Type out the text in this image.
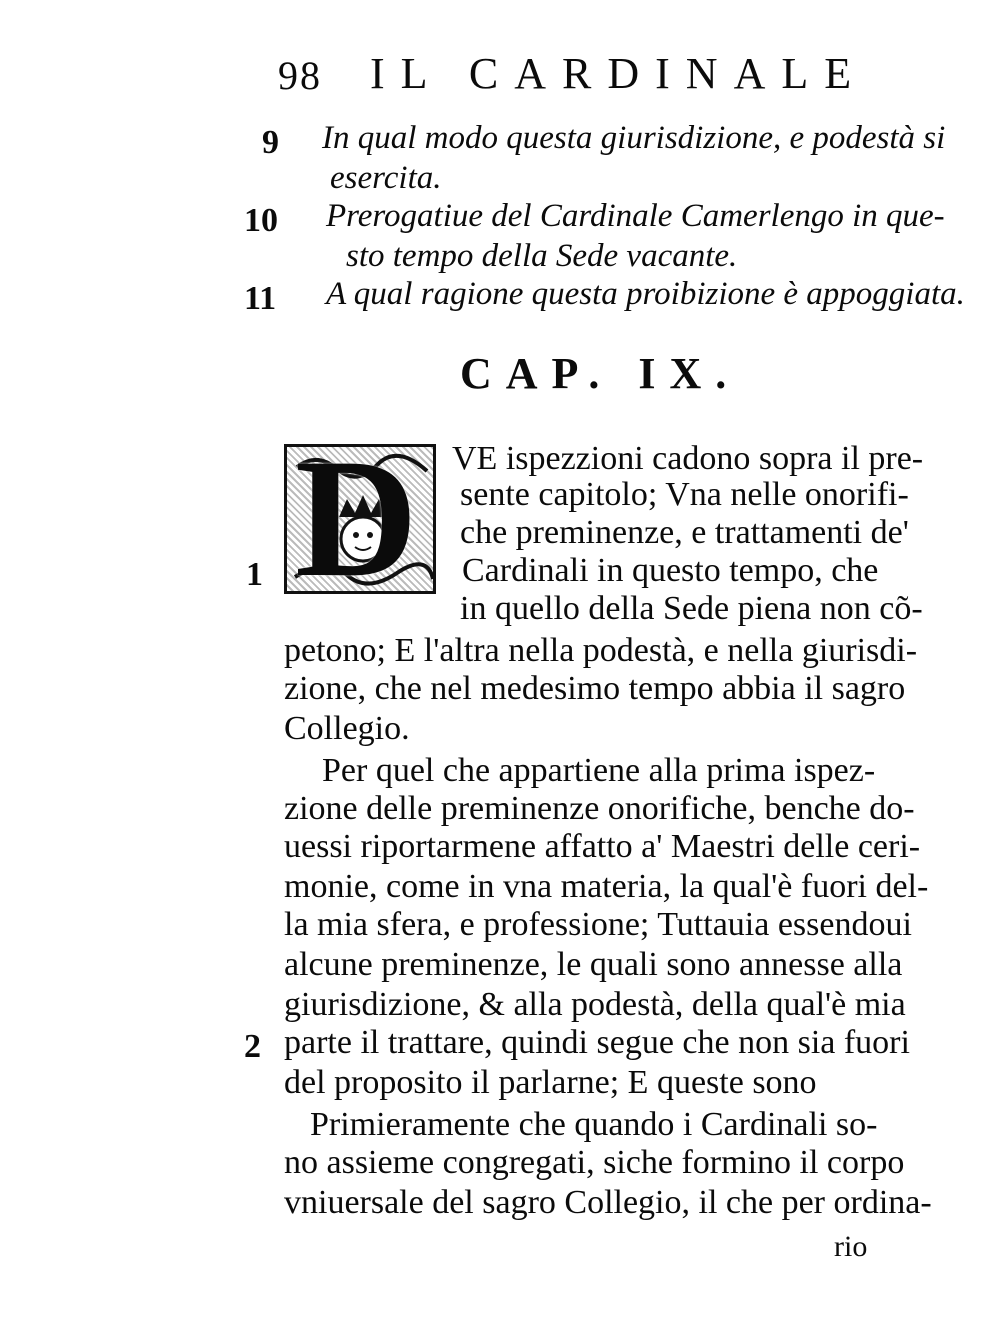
98 IL CARDINALE
9 In qual modo questa giurisdizione, e podestà si
esercita.
10 Prerogatiue del Cardinale Camerlengo in que-
sto tempo della Sede vacante.
11 A qual ragione questa proibizione è appoggiata.
CAP. IX.
D VE ispezzioni cadono sopra il pre-
sente capitolo; Vna nelle onorifi-
che preminenze, e trattamenti de'
Cardinali in questo tempo, che
in quello della Sede piena non cõ-
petono; E l'altra nella podestà, e nella giurisdi-
zione, che nel medesimo tempo abbia il sagro
Collegio.
Per quel che appartiene alla prima ispez-
zione delle preminenze onorifiche, benche do-
uessi riportarmene affatto a' Maestri delle ceri-
monie, come in vna materia, la qual'è fuori del-
la mia sfera, e professione; Tuttauia essendoui
alcune preminenze, le quali sono annesse alla
giurisdizione, & alla podestà, della qual'è mia
parte il trattare, quindi segue che non sia fuori
del proposito il parlarne; E queste sono
Primieramente che quando i Cardinali so-
no assieme congregati, siche formino il corpo
vniuersale del sagro Collegio, il che per ordina-
1
2
rio
